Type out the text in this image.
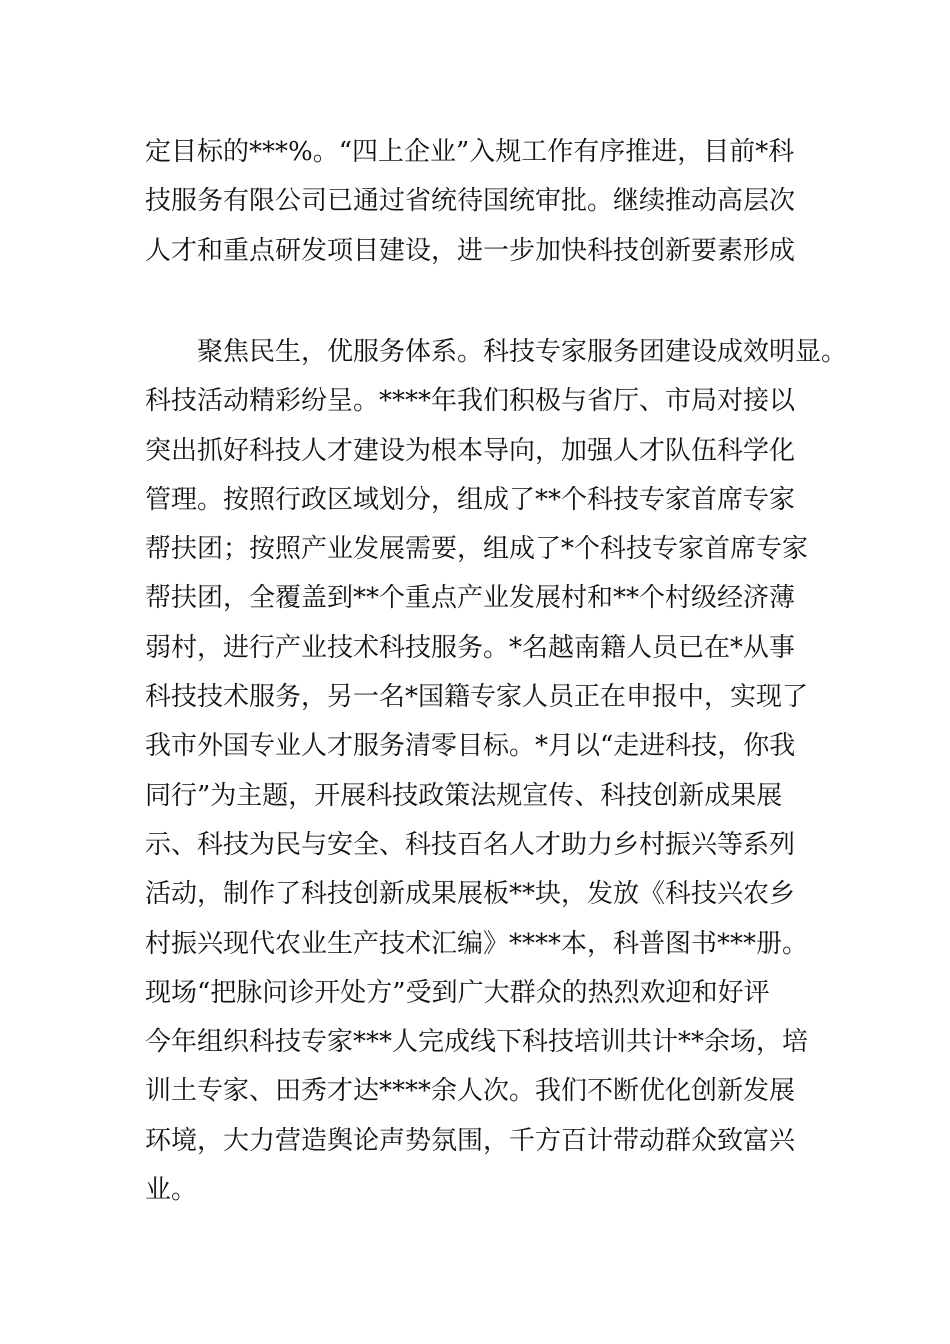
定目标的***%。“四上企业”入规工作有序推进，目前*科
技服务有限公司已通过省统待国统审批。继续推动高层次
人才和重点研发项目建设，进一步加快科技创新要素形成
　　聚焦民生，优服务体系。科技专家服务团建设成效明显。
科技活动精彩纷呈。****年我们积极与省厅、市局对接以
突出抓好科技人才建设为根本导向，加强人才队伍科学化
管理。按照行政区域划分，组成了**个科技专家首席专家
帮扶团；按照产业发展需要，组成了*个科技专家首席专家
帮扶团，全覆盖到**个重点产业发展村和**个村级经济薄
弱村，进行产业技术科技服务。*名越南籍人员已在*从事
科技技术服务，另一名*国籍专家人员正在申报中，实现了
我市外国专业人才服务清零目标。*月以“走进科技，你我
同行”为主题，开展科技政策法规宣传、科技创新成果展
示、科技为民与安全、科技百名人才助力乡村振兴等系列
活动，制作了科技创新成果展板**块，发放《科技兴农乡
村振兴现代农业生产技术汇编》****本，科普图书***册。
现场“把脉问诊开处方”受到广大群众的热烈欢迎和好评
今年组织科技专家***人完成线下科技培训共计**余场，培
训土专家、田秀才达****余人次。我们不断优化创新发展
环境，大力营造舆论声势氛围，千方百计带动群众致富兴
业。
